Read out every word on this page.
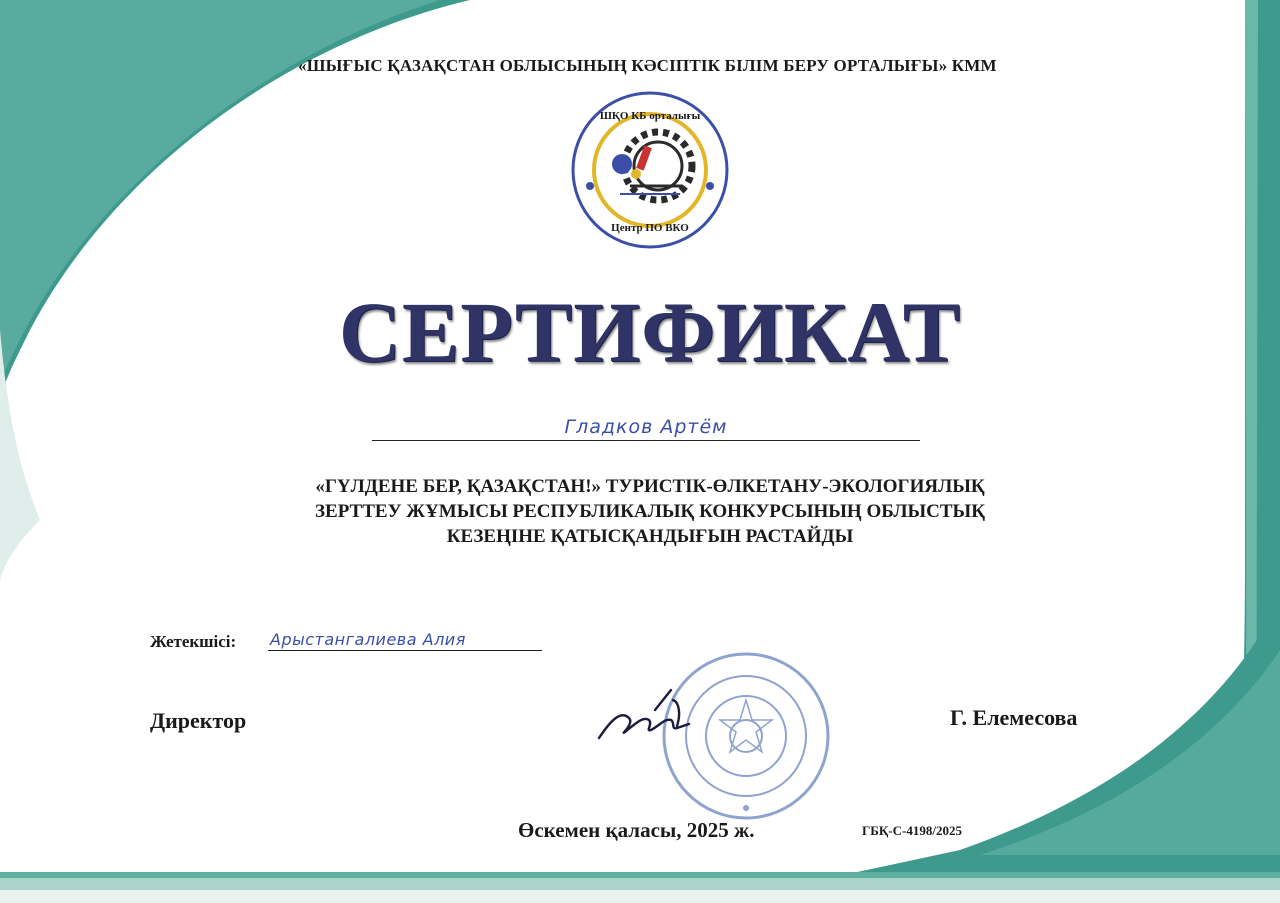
«ШЫҒЫС ҚАЗАҚСТАН ОБЛЫСЫНЫҢ КӘСІПТІК БІЛІМ БЕРУ ОРТАЛЫҒЫ» КММ
ШҚО КБ орталығы
Центр ПО ВКО
СЕРТИФИКАТ
Гладков Артём
«ГҮЛДЕНЕ БЕР, ҚАЗАҚСТАН!» ТУРИСТІК-ӨЛКЕТАНУ-ЭКОЛОГИЯЛЫҚ
ЗЕРТТЕУ ЖҰМЫСЫ РЕСПУБЛИКАЛЫҚ КОНКУРСЫНЫҢ ОБЛЫСТЫҚ
КЕЗЕҢІНЕ ҚАТЫСҚАНДЫҒЫН РАСТАЙДЫ
Жетекшісі: Арыстангалиева Алия
Директор	Г. Елемесова
Өскемен қаласы, 2025 ж.	ГБҚ-С-4198/2025
